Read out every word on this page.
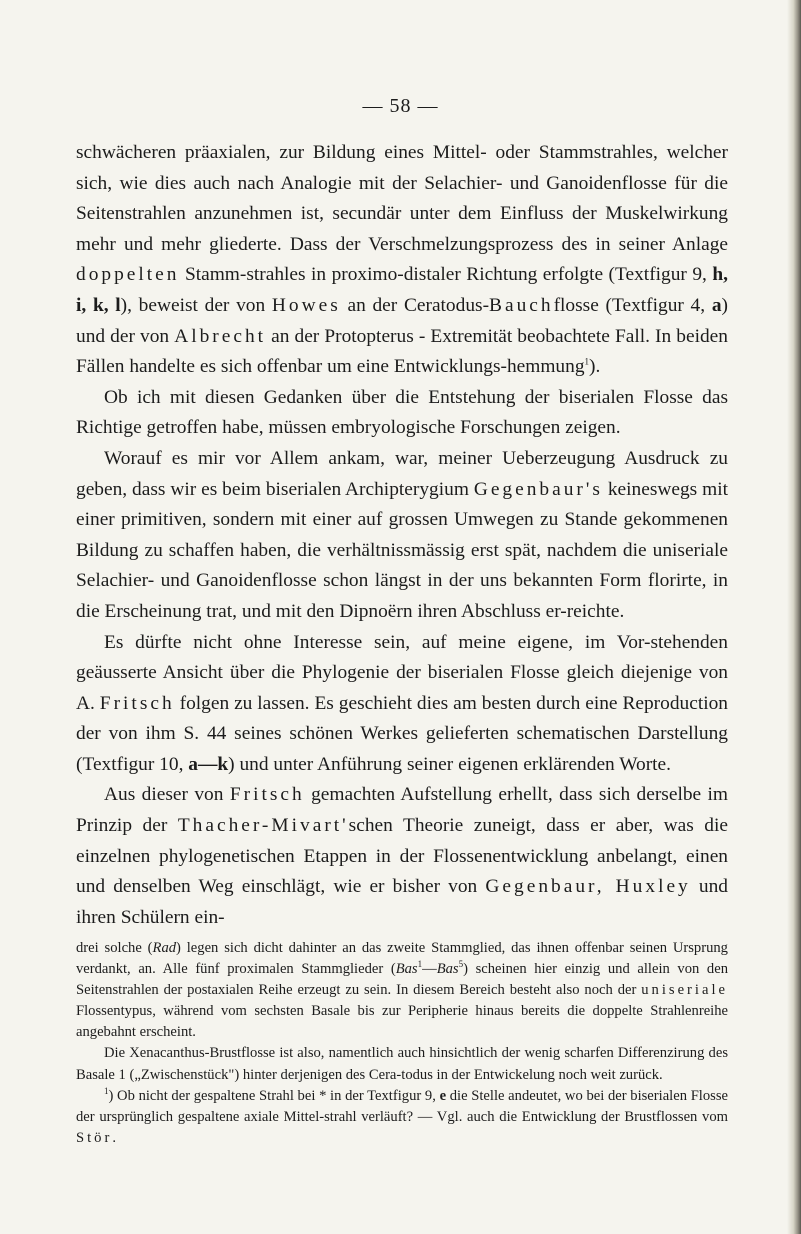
— 58 —

schwächeren präaxialen, zur Bildung eines Mittel- oder Stammstrahles, welcher sich, wie dies auch nach Analogie mit der Selachier- und Ganoidenflosse für die Seitenstrahlen anzunehmen ist, secundär unter dem Einfluss der Muskelwirkung mehr und mehr gliederte. Dass der Verschmelzungsprozess des in seiner Anlage doppelten Stamm-strahles in proximo-distaler Richtung erfolgte (Textfigur 9, h, i, k, l), beweist der von Howes an der Ceratodus-Bauchflosse (Textfigur 4, a) und der von Albrecht an der Protopterus - Extremität beobachtete Fall. In beiden Fällen handelte es sich offenbar um eine Entwicklungs-hemmung$^1$).

Ob ich mit diesen Gedanken über die Entstehung der biserialen Flosse das Richtige getroffen habe, müssen embryologische Forschungen zeigen.

Worauf es mir vor Allem ankam, war, meiner Ueberzeugung Ausdruck zu geben, dass wir es beim biserialen Archipterygium Gegenbaur's keineswegs mit einer primitiven, sondern mit einer auf grossen Umwegen zu Stande gekommenen Bildung zu schaffen haben, die verhältnissmässig erst spät, nachdem die uniseriale Selachier- und Ganoidenflosse schon längst in der uns bekannten Form florirte, in die Erscheinung trat, und mit den Dipnoërn ihren Abschluss er-reichte.

Es dürfte nicht ohne Interesse sein, auf meine eigene, im Vor-stehenden geäusserte Ansicht über die Phylogenie der biserialen Flosse gleich diejenige von A. Fritsch folgen zu lassen. Es geschieht dies am besten durch eine Reproduction der von ihm S. 44 seines schönen Werkes gelieferten schematischen Darstellung (Textfigur 10, a—k) und unter Anführung seiner eigenen erklärenden Worte.

Aus dieser von Fritsch gemachten Aufstellung erhellt, dass sich derselbe im Prinzip der Thacher-Mivart'schen Theorie zuneigt, dass er aber, was die einzelnen phylogenetischen Etappen in der Flossenentwicklung anbelangt, einen und denselben Weg einschlägt, wie er bisher von Gegenbaur, Huxley und ihren Schülern ein-

drei solche (Rad) legen sich dicht dahinter an das zweite Stammglied, das ihnen offenbar seinen Ursprung verdankt, an. Alle fünf proximalen Stammglieder (Bas$^1$—Bas$^5$) scheinen hier einzig und allein von den Seitenstrahlen der postaxialen Reihe erzeugt zu sein. In diesem Bereich besteht also noch der uniseriale Flossentypus, während vom sechsten Basale bis zur Peripherie hinaus bereits die doppelte Strahlenreihe angebahnt erscheint.

Die Xenacanthus-Brustflosse ist also, namentlich auch hinsichtlich der wenig scharfen Differenzirung des Basale 1 („Zwischenstück") hinter derjenigen des Cera-todus in der Entwickelung noch weit zurück.

$^1$) Ob nicht der gespaltene Strahl bei * in der Textfigur 9, e die Stelle andeutet, wo bei der biserialen Flosse der ursprünglich gespaltene axiale Mittel-strahl verläuft? — Vgl. auch die Entwicklung der Brustflossen vom Stör.
